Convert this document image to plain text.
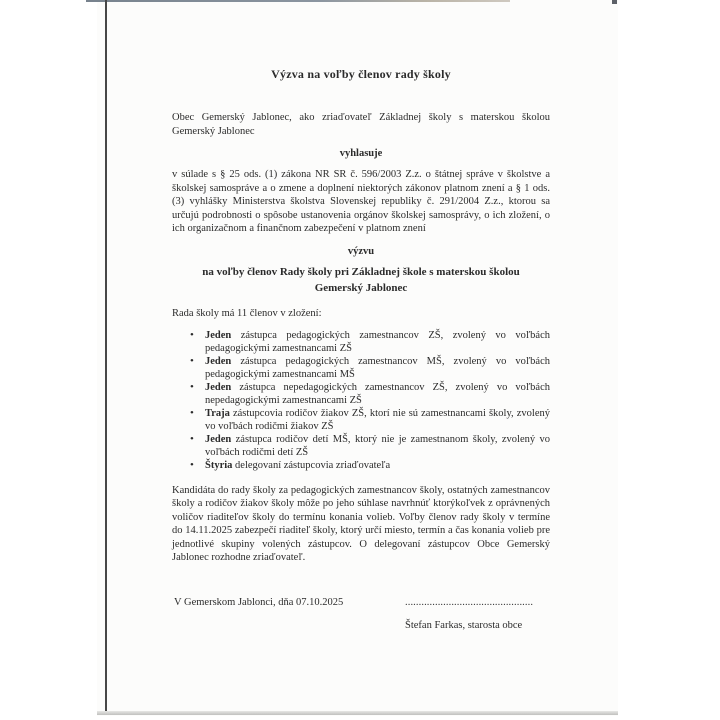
Výzva na voľby členov rady školy

Obec Gemerský Jablonec, ako zriaďovateľ Základnej školy s materskou školou Gemerský Jablonec

vyhlasuje

v súlade s § 25 ods. (1) zákona NR SR č. 596/2003 Z.z. o štátnej správe v školstve a školskej samospráve a o zmene a doplnení niektorých zákonov platnom znení a § 1 ods. (3) vyhlášky Ministerstva školstva Slovenskej republiky č. 291/2004 Z.z., ktorou sa určujú podrobnosti o spôsobe ustanovenia orgánov školskej samosprávy, o ich zložení, o ich organizačnom a finančnom zabezpečení v platnom znení

výzvu
na voľby členov Rady školy pri Základnej škole s materskou školou
Gemerský Jablonec

Rada školy má 11 členov v zložení:

•	Jeden zástupca pedagogických zamestnancov ZŠ, zvolený vo voľbách pedagogickými zamestnancami ZŠ
•	Jeden zástupca pedagogických zamestnancov MŠ, zvolený vo voľbách pedagogickými zamestnancami MŠ
•	Jeden zástupca nepedagogických zamestnancov ZŠ, zvolený vo voľbách nepedagogickými zamestnancami ZŠ
•	Traja zástupcovia rodičov žiakov ZŠ, ktorí nie sú zamestnancami školy, zvolený vo voľbách rodičmi žiakov ZŠ
•	Jeden zástupca rodičov detí MŠ, ktorý nie je zamestnanom školy, zvolený vo voľbách rodičmi detí ZŠ
•	Štyria delegovaní zástupcovia zriaďovateľa

Kandidáta do rady školy za pedagogických zamestnancov školy, ostatných zamestnancov školy a rodičov žiakov školy môže po jeho súhlase navrhnúť ktorýkoľvek z oprávnených voličov riaditeľov školy do termínu konania volieb. Voľby členov rady školy v termíne do 14.11.2025 zabezpečí riaditeľ školy, ktorý určí miesto, termín a čas konania volieb pre jednotlivé skupiny volených zástupcov. O delegovaní zástupcov Obce Gemerský Jablonec rozhodne zriaďovateľ.

V Gemerskom Jablonci, dňa 07.10.2025	...............................................
Štefan Farkas, starosta obce
